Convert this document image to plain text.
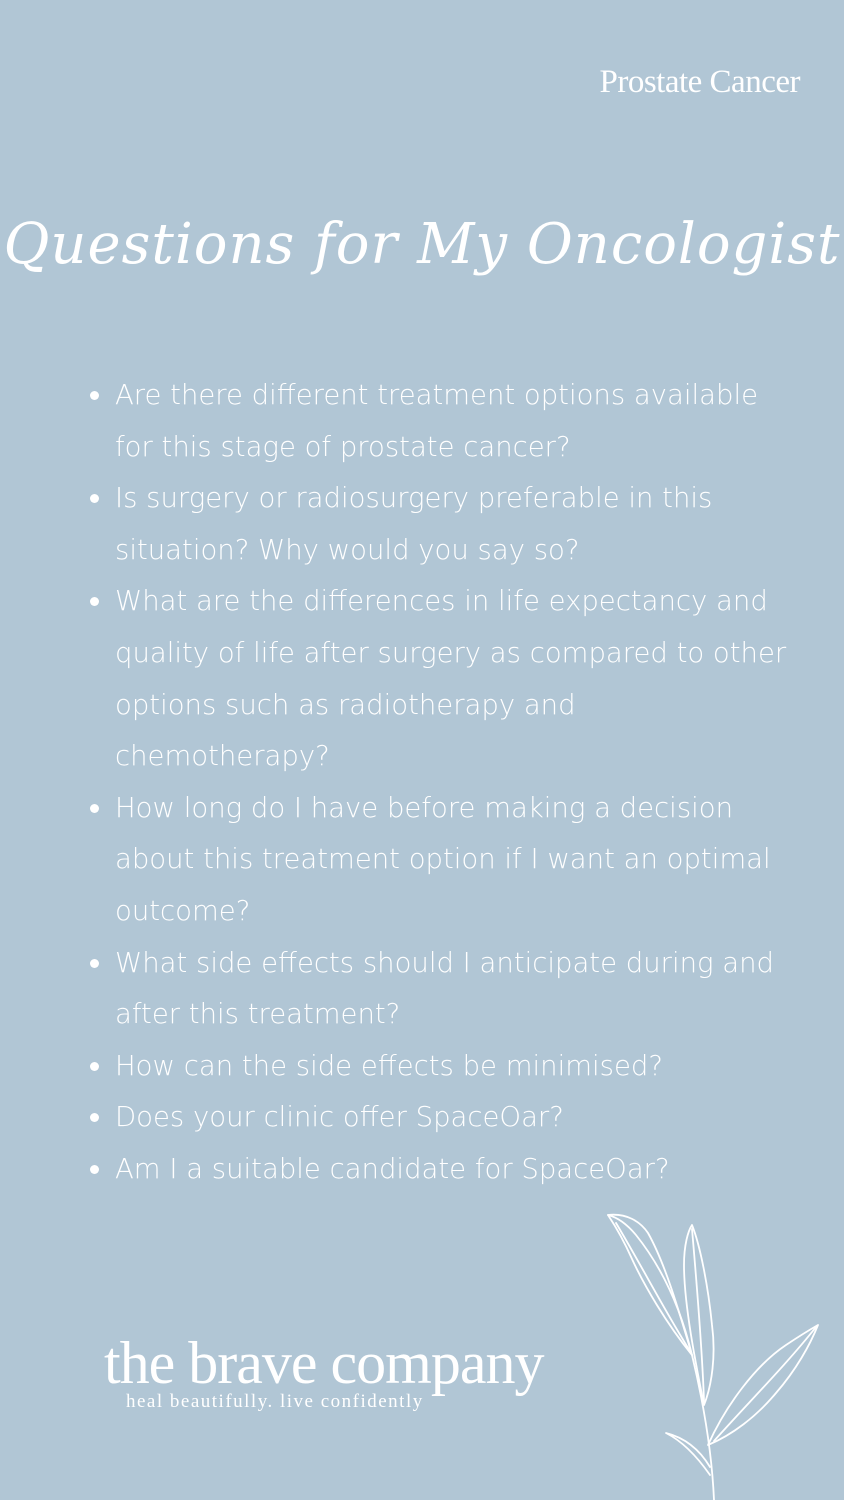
Prostate Cancer
Questions for My Oncologist
Are there different treatment options available for this stage of prostate cancer?
Is surgery or radiosurgery preferable in this situation? Why would you say so?
What are the differences in life expectancy and quality of life after surgery as compared to other options such as radiotherapy and chemotherapy?
How long do I have before making a decision about this treatment option if I want an optimal outcome?
What side effects should I anticipate during and after this treatment?
How can the side effects be minimised?
Does your clinic offer SpaceOar?
Am I a suitable candidate for SpaceOar?
the brave company
heal beautifully. live confidently
